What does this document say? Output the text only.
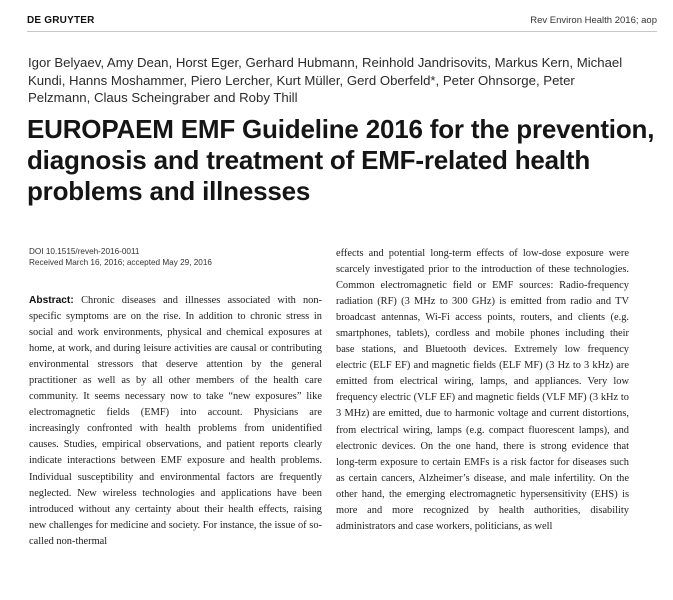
DE GRUYTER	Rev Environ Health 2016; aop
Igor Belyaev, Amy Dean, Horst Eger, Gerhard Hubmann, Reinhold Jandrisovits, Markus Kern, Michael Kundi, Hanns Moshammer, Piero Lercher, Kurt Müller, Gerd Oberfeld*, Peter Ohnsorge, Peter Pelzmann, Claus Scheingraber and Roby Thill
EUROPAEM EMF Guideline 2016 for the prevention, diagnosis and treatment of EMF-related health problems and illnesses
DOI 10.1515/reveh-2016-0011
Received March 16, 2016; accepted May 29, 2016
Abstract: Chronic diseases and illnesses associated with non-specific symptoms are on the rise. In addition to chronic stress in social and work environments, physical and chemical exposures at home, at work, and during leisure activities are causal or contributing environmental stressors that deserve attention by the general practitioner as well as by all other members of the health care community. It seems necessary now to take “new exposures” like electromagnetic fields (EMF) into account. Physicians are increasingly confronted with health problems from unidentified causes. Studies, empirical observations, and patient reports clearly indicate interactions between EMF exposure and health problems. Individual susceptibility and environmental factors are frequently neglected. New wireless technologies and applications have been introduced without any certainty about their health effects, raising new challenges for medicine and society. For instance, the issue of so-called non-thermal
effects and potential long-term effects of low-dose exposure were scarcely investigated prior to the introduction of these technologies. Common electromagnetic field or EMF sources: Radio-frequency radiation (RF) (3 MHz to 300 GHz) is emitted from radio and TV broadcast antennas, Wi-Fi access points, routers, and clients (e.g. smartphones, tablets), cordless and mobile phones including their base stations, and Bluetooth devices. Extremely low frequency electric (ELF EF) and magnetic fields (ELF MF) (3 Hz to 3 kHz) are emitted from electrical wiring, lamps, and appliances. Very low frequency electric (VLF EF) and magnetic fields (VLF MF) (3 kHz to 3 MHz) are emitted, due to harmonic voltage and current distortions, from electrical wiring, lamps (e.g. compact fluorescent lamps), and electronic devices. On the one hand, there is strong evidence that long-term exposure to certain EMFs is a risk factor for diseases such as certain cancers, Alzheimer’s disease, and male infertility. On the other hand, the emerging electromagnetic hypersensitivity (EHS) is more and more recognized by health authorities, disability administrators and case workers, politicians, as well
